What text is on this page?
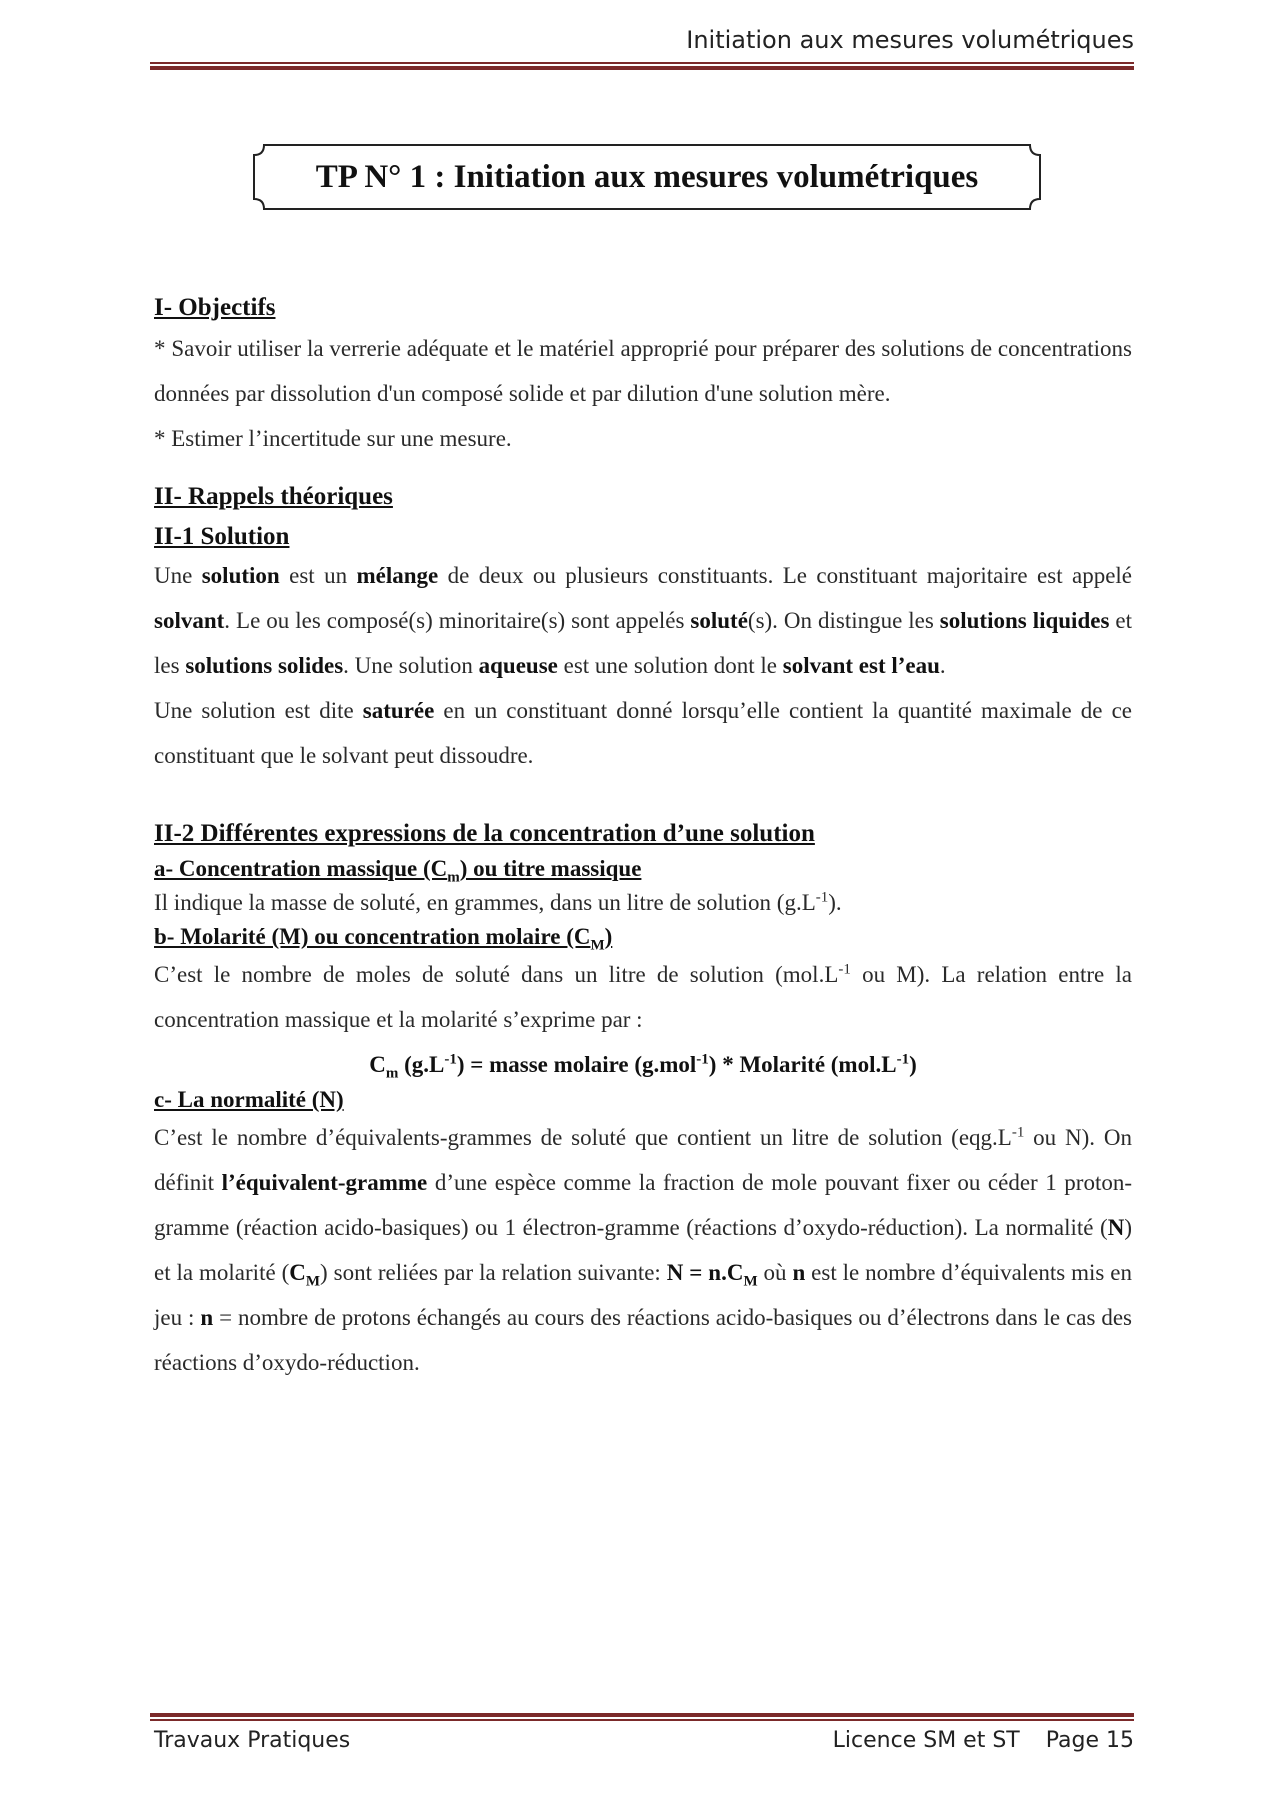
Initiation aux mesures volumétriques
TP N° 1 : Initiation aux mesures volumétriques
I- Objectifs

* Savoir utiliser la verrerie adéquate et le matériel approprié pour préparer des solutions de concentrations données par dissolution d'un composé solide et par dilution d'une solution mère.

* Estimer l’incertitude sur une mesure.

II- Rappels théoriques
II-1 Solution

Une solution est un mélange de deux ou plusieurs constituants. Le constituant majoritaire est appelé solvant. Le ou les composé(s) minoritaire(s) sont appelés soluté(s). On distingue les solutions liquides et les solutions solides. Une solution aqueuse est une solution dont le solvant est l’eau.

Une solution est dite saturée en un constituant donné lorsqu’elle contient la quantité maximale de ce constituant que le solvant peut dissoudre.

II-2 Différentes expressions de la concentration d’une solution
a- Concentration massique $(C_m)$ ou titre massique

Il indique la masse de soluté, en grammes, dans un litre de solution $(g.L^{-1})$.

b- Molarité (M) ou concentration molaire $(C_M)$

C’est le nombre de moles de soluté dans un litre de solution ($mol.L^{-1}$ ou M). La relation entre la concentration massique et la molarité s’exprime par :

$C_m$ $(g.L^{-1})$ = masse molaire (g.mol$^{-1}$) * Molarité $(mol.L^{-1})$
c- La normalité (N)

C’est le nombre d’équivalents-grammes de soluté que contient un litre de solution ($eqg.L^{-1}$ ou N). On définit l’équivalent-gramme d’une espèce comme la fraction de mole pouvant fixer ou céder 1 proton-gramme (réaction acido-basiques) ou 1 électron-gramme (réactions d’oxydo-réduction). La normalité (N) et la molarité $(C_M)$ sont reliées par la relation suivante: $N = n.C_M$ où n est le nombre d’équivalents mis en jeu : n = nombre de protons échangés au cours des réactions acido-basiques ou d’électrons dans le cas des réactions d’oxydo-réduction.

Travaux Pratiques	Licence SM et ST Page 15
